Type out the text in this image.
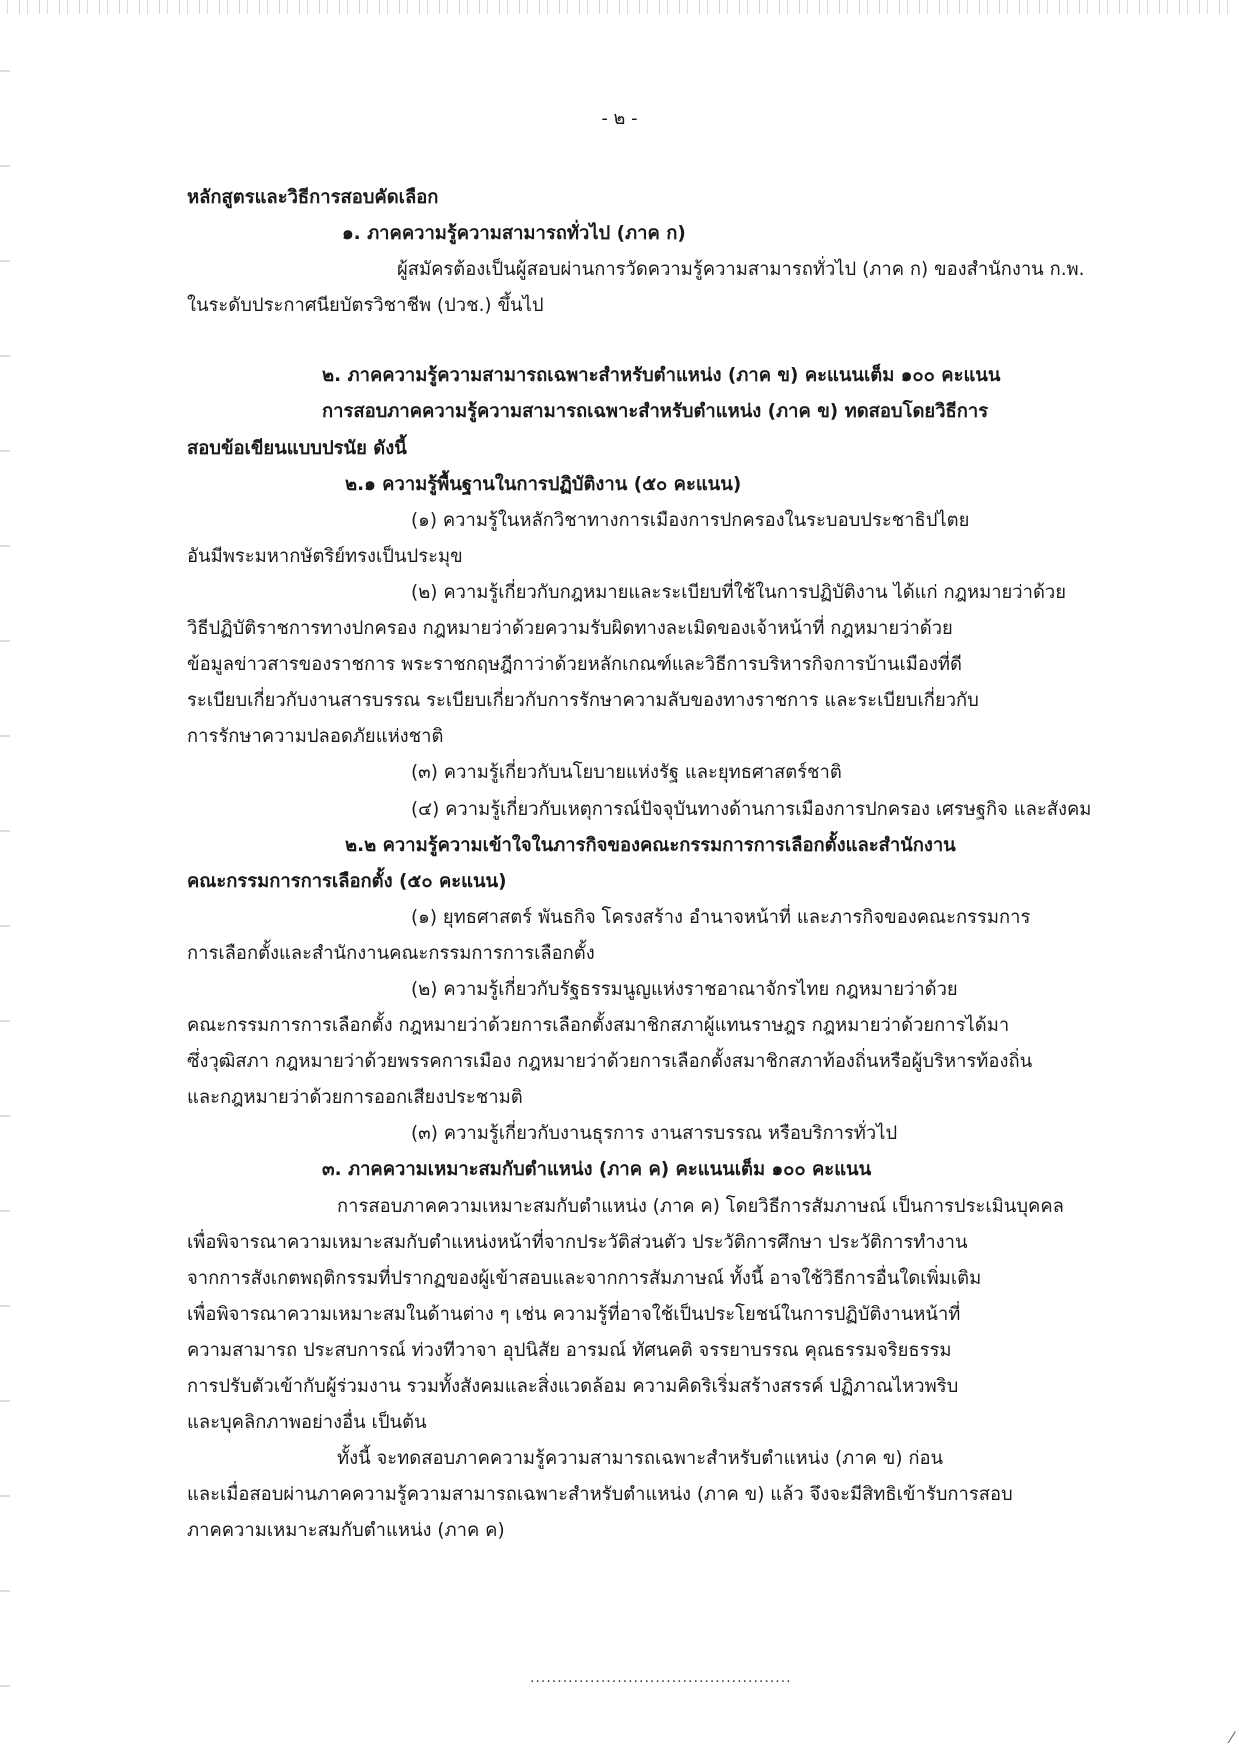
- ๒ -
หลักสูตรและวิธีการสอบคัดเลือก
๑. ภาคความรู้ความสามารถทั่วไป (ภาค ก)
ผู้สมัครต้องเป็นผู้สอบผ่านการวัดความรู้ความสามารถทั่วไป (ภาค ก) ของสำนักงาน ก.พ.
ในระดับประกาศนียบัตรวิชาชีพ (ปวช.) ขึ้นไป
๒. ภาคความรู้ความสามารถเฉพาะสำหรับตำแหน่ง (ภาค ข) คะแนนเต็ม ๑๐๐ คะแนน
การสอบภาคความรู้ความสามารถเฉพาะสำหรับตำแหน่ง (ภาค ข) ทดสอบโดยวิธีการ
สอบข้อเขียนแบบปรนัย ดังนี้
๒.๑ ความรู้พื้นฐานในการปฏิบัติงาน (๕๐ คะแนน)
(๑) ความรู้ในหลักวิชาทางการเมืองการปกครองในระบอบประชาธิปไตย
อันมีพระมหากษัตริย์ทรงเป็นประมุข
(๒) ความรู้เกี่ยวกับกฎหมายและระเบียบที่ใช้ในการปฏิบัติงาน ได้แก่ กฎหมายว่าด้วย
วิธีปฏิบัติราชการทางปกครอง กฎหมายว่าด้วยความรับผิดทางละเมิดของเจ้าหน้าที่ กฎหมายว่าด้วย
ข้อมูลข่าวสารของราชการ พระราชกฤษฎีกาว่าด้วยหลักเกณฑ์และวิธีการบริหารกิจการบ้านเมืองที่ดี
ระเบียบเกี่ยวกับงานสารบรรณ ระเบียบเกี่ยวกับการรักษาความลับของทางราชการ และระเบียบเกี่ยวกับ
การรักษาความปลอดภัยแห่งชาติ
(๓) ความรู้เกี่ยวกับนโยบายแห่งรัฐ และยุทธศาสตร์ชาติ
(๔) ความรู้เกี่ยวกับเหตุการณ์ปัจจุบันทางด้านการเมืองการปกครอง เศรษฐกิจ และสังคม
๒.๒ ความรู้ความเข้าใจในภารกิจของคณะกรรมการการเลือกตั้งและสำนักงาน
คณะกรรมการการเลือกตั้ง (๕๐ คะแนน)
(๑) ยุทธศาสตร์ พันธกิจ โครงสร้าง อำนาจหน้าที่ และภารกิจของคณะกรรมการ
การเลือกตั้งและสำนักงานคณะกรรมการการเลือกตั้ง
(๒) ความรู้เกี่ยวกับรัฐธรรมนูญแห่งราชอาณาจักรไทย กฎหมายว่าด้วย
คณะกรรมการการเลือกตั้ง กฎหมายว่าด้วยการเลือกตั้งสมาชิกสภาผู้แทนราษฎร กฎหมายว่าด้วยการได้มา
ซึ่งวุฒิสภา กฎหมายว่าด้วยพรรคการเมือง กฎหมายว่าด้วยการเลือกตั้งสมาชิกสภาท้องถิ่นหรือผู้บริหารท้องถิ่น
และกฎหมายว่าด้วยการออกเสียงประชามติ
(๓) ความรู้เกี่ยวกับงานธุรการ งานสารบรรณ หรือบริการทั่วไป
๓. ภาคความเหมาะสมกับตำแหน่ง (ภาค ค) คะแนนเต็ม ๑๐๐ คะแนน
การสอบภาคความเหมาะสมกับตำแหน่ง (ภาค ค) โดยวิธีการสัมภาษณ์ เป็นการประเมินบุคคล
เพื่อพิจารณาความเหมาะสมกับตำแหน่งหน้าที่จากประวัติส่วนตัว ประวัติการศึกษา ประวัติการทำงาน
จากการสังเกตพฤติกรรมที่ปรากฏของผู้เข้าสอบและจากการสัมภาษณ์ ทั้งนี้ อาจใช้วิธีการอื่นใดเพิ่มเติม
เพื่อพิจารณาความเหมาะสมในด้านต่าง ๆ เช่น ความรู้ที่อาจใช้เป็นประโยชน์ในการปฏิบัติงานหน้าที่
ความสามารถ ประสบการณ์ ท่วงทีวาจา อุปนิสัย อารมณ์ ทัศนคติ จรรยาบรรณ คุณธรรมจริยธรรม
การปรับตัวเข้ากับผู้ร่วมงาน รวมทั้งสังคมและสิ่งแวดล้อม ความคิดริเริ่มสร้างสรรค์ ปฏิภาณไหวพริบ
และบุคลิกภาพอย่างอื่น เป็นต้น
ทั้งนี้ จะทดสอบภาคความรู้ความสามารถเฉพาะสำหรับตำแหน่ง (ภาค ข) ก่อน
และเมื่อสอบผ่านภาคความรู้ความสามารถเฉพาะสำหรับตำแหน่ง (ภาค ข) แล้ว จึงจะมีสิทธิเข้ารับการสอบ
ภาคความเหมาะสมกับตำแหน่ง (ภาค ค)
................................................
⁄
